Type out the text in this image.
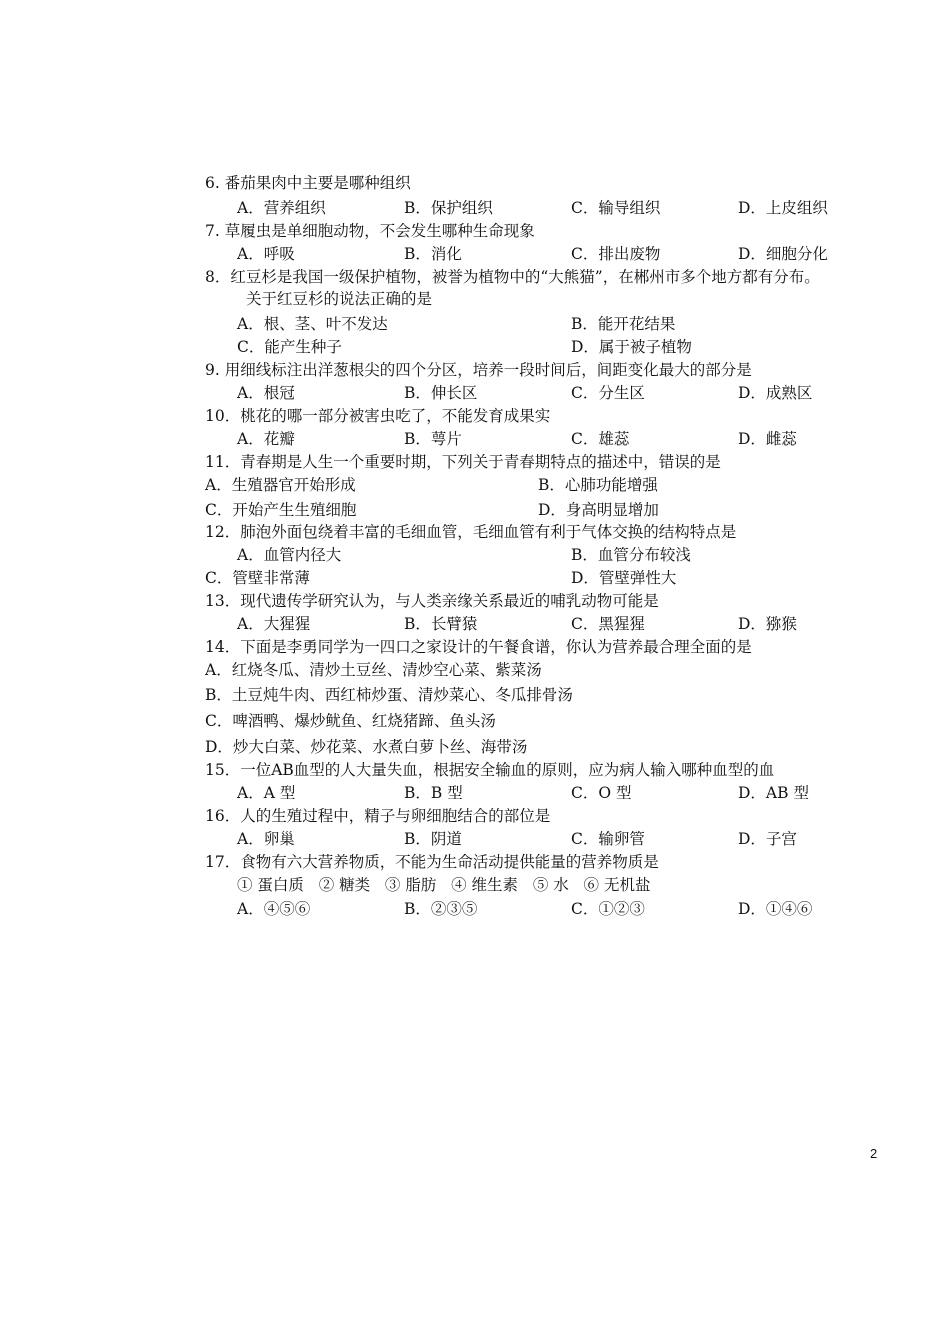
6. 番茄果肉中主要是哪种组织
A．营养组织	B．保护组织	C．输导组织	D．上皮组织
7. 草履虫是单细胞动物，不会发生哪种生命现象
A．呼吸	B．消化	C．排出废物	D．细胞分化
8．红豆杉是我国一级保护植物，被誉为植物中的“大熊猫”，在郴州市多个地方都有分布。
关于红豆杉的说法正确的是
A．根、茎、叶不发达	B．能开花结果
C．能产生种子	D．属于被子植物
9. 用细线标注出洋葱根尖的四个分区，培养一段时间后，间距变化最大的部分是
A．根冠	B．伸长区	C．分生区	D．成熟区
10．桃花的哪一部分被害虫吃了，不能发育成果实
A．花瓣	B．萼片	C．雄蕊	D．雌蕊
11．青春期是人生一个重要时期，下列关于青春期特点的描述中，错误的是
A．生殖器官开始形成	B．心肺功能增强
C．开始产生生殖细胞	D．身高明显增加
12．肺泡外面包绕着丰富的毛细血管，毛细血管有利于气体交换的结构特点是
A．血管内径大	B．血管分布较浅
C．管壁非常薄	D．管壁弹性大
13．现代遗传学研究认为，与人类亲缘关系最近的哺乳动物可能是
A．大猩猩	B．长臂猿	C．黑猩猩	D．猕猴
14．下面是李勇同学为一四口之家设计的午餐食谱，你认为营养最合理全面的是
A．红烧冬瓜、清炒土豆丝、清炒空心菜、紫菜汤
B．土豆炖牛肉、西红柿炒蛋、清炒菜心、冬瓜排骨汤
C．啤酒鸭、爆炒鱿鱼、红烧猪蹄、鱼头汤
D．炒大白菜、炒花菜、水煮白萝卜丝、海带汤
15．一位AB血型的人大量失血，根据安全输血的原则，应为病人输入哪种血型的血
A．A 型	B．B 型	C．O 型	D．AB 型
16．人的生殖过程中，精子与卵细胞结合的部位是
A．卵巢	B．阴道	C．输卵管	D．子宫
17．食物有六大营养物质，不能为生命活动提供能量的营养物质是
① 蛋白质   ② 糖类   ③ 脂肪   ④ 维生素   ⑤ 水   ⑥ 无机盐
A．④⑤⑥	B．②③⑤	C．①②③	D．①④⑥
2
